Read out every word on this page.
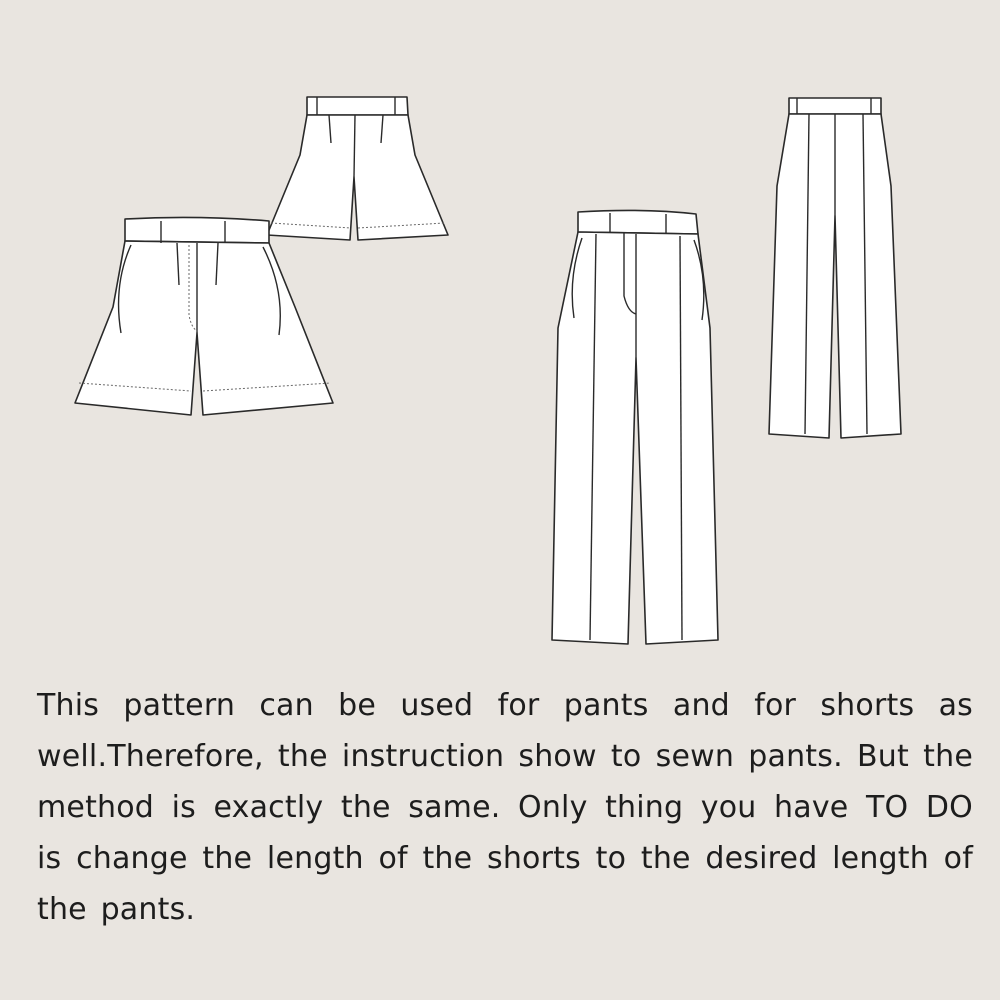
This pattern can be used for pants and for shorts as well.Therefore, the instruction show to sewn pants. But the method is exactly the same. Only thing you have TO DO is change the length of the shorts to the desired length of the pants.
